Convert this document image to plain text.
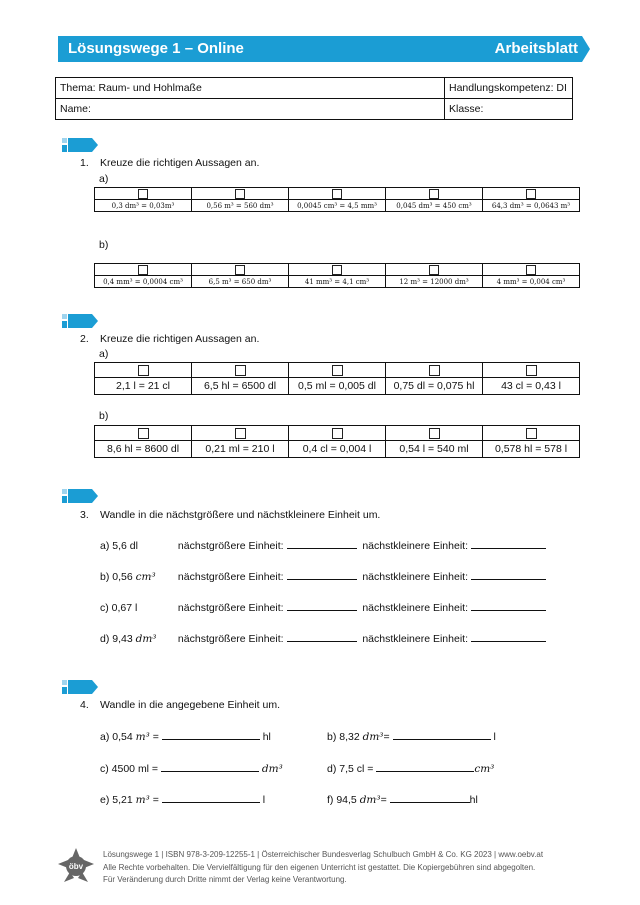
Lösungswege 1 – Online	Arbeitsblatt
Thema: Raum- und Hohlmaße	Handlungskompetenz: DI
Name:	Klasse:
1. Kreuze die richtigen Aussagen an.
a)

0,3 dm³ = 0,03m³	0,56 m³ = 560 dm³	0,0045 cm³ = 4,5 mm³	0,045 dm³ = 450 cm³	64,3 dm³ = 0,0643 m³
b)

0,4 mm³ = 0,0004 cm³	6,5 m³ = 650 dm³	41 mm³ = 4,1 cm³	12 m³ = 12000 dm³	4 mm³ = 0,004 cm³
2. Kreuze die richtigen Aussagen an.
a)

2,1 l = 21 cl	6,5 hl = 6500 dl	0,5 ml = 0,005 dl	0,75 dl = 0,075 hl	43 cl = 0,43 l
b)

8,6 hl = 8600 dl	0,21 ml = 210 l	0,4 cl = 0,004 l	0,54 l = 540 ml	0,578 hl = 578 l
3. Wandle in die nächstgrößere und nächstkleinere Einheit um.
a) 5,6 dl	nächstgrößere Einheit:	nächstkleinere Einheit:
b) 0,56 cm³ nächstgrößere Einheit:	nächstkleinere Einheit:
c) 0,67 l	nächstgrößere Einheit:	nächstkleinere Einheit:
d) 9,43 dm³ nächstgrößere Einheit:	nächstkleinere Einheit:
4. Wandle in die angegebene Einheit um.
a) 0,54 m³ =	hl	b) 8,32 dm³=	l
c) 4500 ml =	dm³	d) 7,5 cl =	cm³
e) 5,21 m³ =	l	f) 94,5 dm³=	hl
öbv
Lösungswege 1 | ISBN 978-3-209-12255-1 | Österreichischer Bundesverlag Schulbuch GmbH & Co. KG 2023 | www.oebv.at
Alle Rechte vorbehalten. Die Vervielfältigung für den eigenen Unterricht ist gestattet. Die Kopiergebühren sind abgegolten.
Für Veränderung durch Dritte nimmt der Verlag keine Verantwortung.
